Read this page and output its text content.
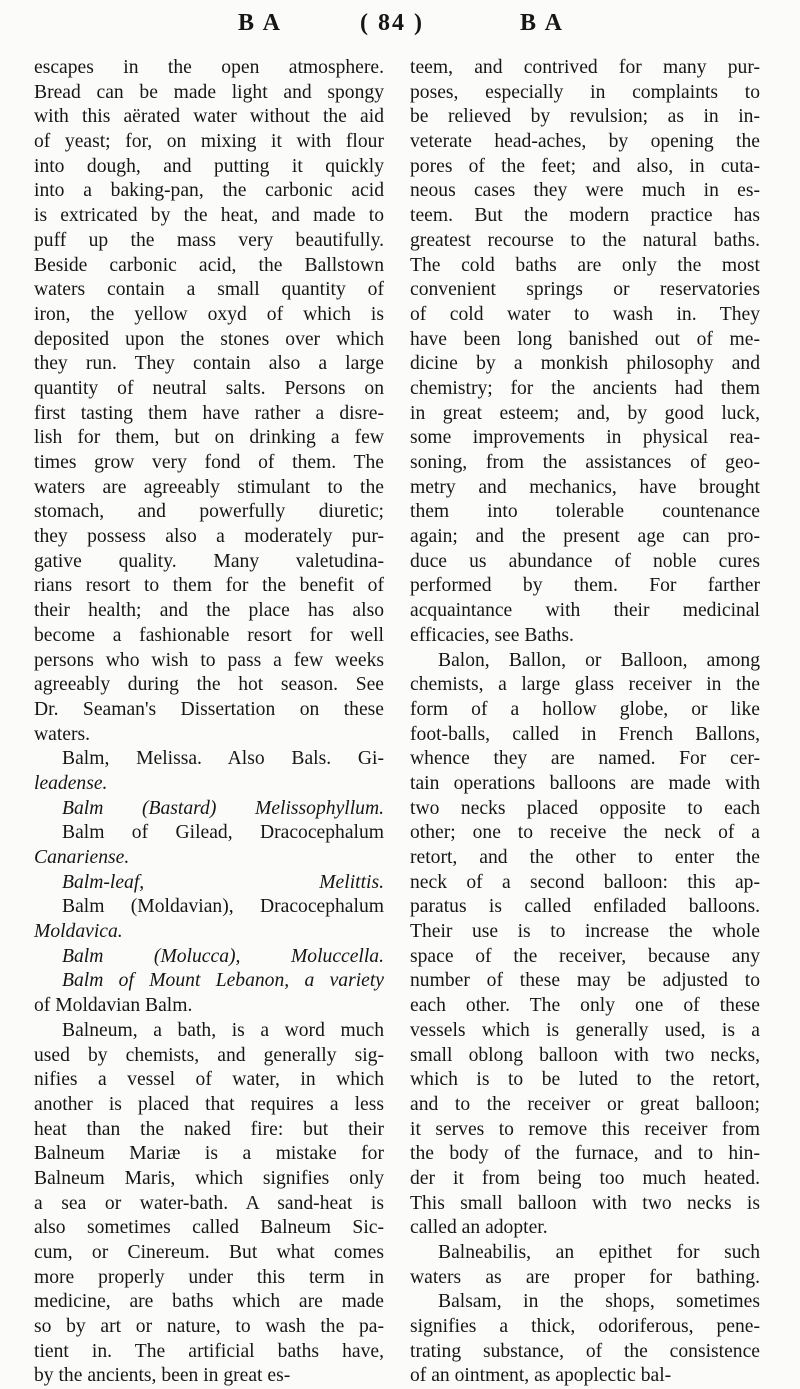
B A	( 84 )	B A
escapes in the open atmosphere.
Bread can be made light and spongy
with this aërated water without the aid
of yeast; for, on mixing it with flour
into dough, and putting it quickly
into a baking-pan, the carbonic acid
is extricated by the heat, and made to
puff up the mass very beautifully.
Beside carbonic acid, the Ballstown
waters contain a small quantity of
iron, the yellow oxyd of which is
deposited upon the stones over which
they run. They contain also a large
quantity of neutral salts. Persons on
first tasting them have rather a disre-
lish for them, but on drinking a few
times grow very fond of them. The
waters are agreeably stimulant to the
stomach, and powerfully diuretic;
they possess also a moderately pur-
gative quality. Many valetudina-
rians resort to them for the benefit of
their health; and the place has also
become a fashionable resort for well
persons who wish to pass a few weeks
agreeably during the hot season. See
Dr. Seaman's Dissertation on these
waters.
Balm, Melissa. Also Bals. Gi-
leadense.
Balm (Bastard) Melissophyllum.
Balm of Gilead, Dracocephalum
Canariense.
Balm-leaf, Melittis.
Balm (Moldavian), Dracocephalum
Moldavica.
Balm (Molucca), Moluccella.
Balm of Mount Lebanon, a variety
of Moldavian Balm.
Balneum, a bath, is a word much
used by chemists, and generally sig-
nifies a vessel of water, in which
another is placed that requires a less
heat than the naked fire: but their
Balneum Mariæ is a mistake for
Balneum Maris, which signifies only
a sea or water-bath. A sand-heat is
also sometimes called Balneum Sic-
cum, or Cinereum. But what comes
more properly under this term in
medicine, are baths which are made
so by art or nature, to wash the pa-
tient in. The artificial baths have,
by the ancients, been in great es-
teem, and contrived for many pur-
poses, especially in complaints to
be relieved by revulsion; as in in-
veterate head-aches, by opening the
pores of the feet; and also, in cuta-
neous cases they were much in es-
teem. But the modern practice has
greatest recourse to the natural baths.
The cold baths are only the most
convenient springs or reservatories
of cold water to wash in. They
have been long banished out of me-
dicine by a monkish philosophy and
chemistry; for the ancients had them
in great esteem; and, by good luck,
some improvements in physical rea-
soning, from the assistances of geo-
metry and mechanics, have brought
them into tolerable countenance
again; and the present age can pro-
duce us abundance of noble cures
performed by them. For farther
acquaintance with their medicinal
efficacies, see Baths.
Balon, Ballon, or Balloon, among
chemists, a large glass receiver in the
form of a hollow globe, or like
foot-balls, called in French Ballons,
whence they are named. For cer-
tain operations balloons are made with
two necks placed opposite to each
other; one to receive the neck of a
retort, and the other to enter the
neck of a second balloon: this ap-
paratus is called enfiladed balloons.
Their use is to increase the whole
space of the receiver, because any
number of these may be adjusted to
each other. The only one of these
vessels which is generally used, is a
small oblong balloon with two necks,
which is to be luted to the retort,
and to the receiver or great balloon;
it serves to remove this receiver from
the body of the furnace, and to hin-
der it from being too much heated.
This small balloon with two necks is
called an adopter.
Balneabilis, an epithet for such
waters as are proper for bathing.
Balsam, in the shops, sometimes
signifies a thick, odoriferous, pene-
trating substance, of the consistence
of an ointment, as apoplectic bal-
